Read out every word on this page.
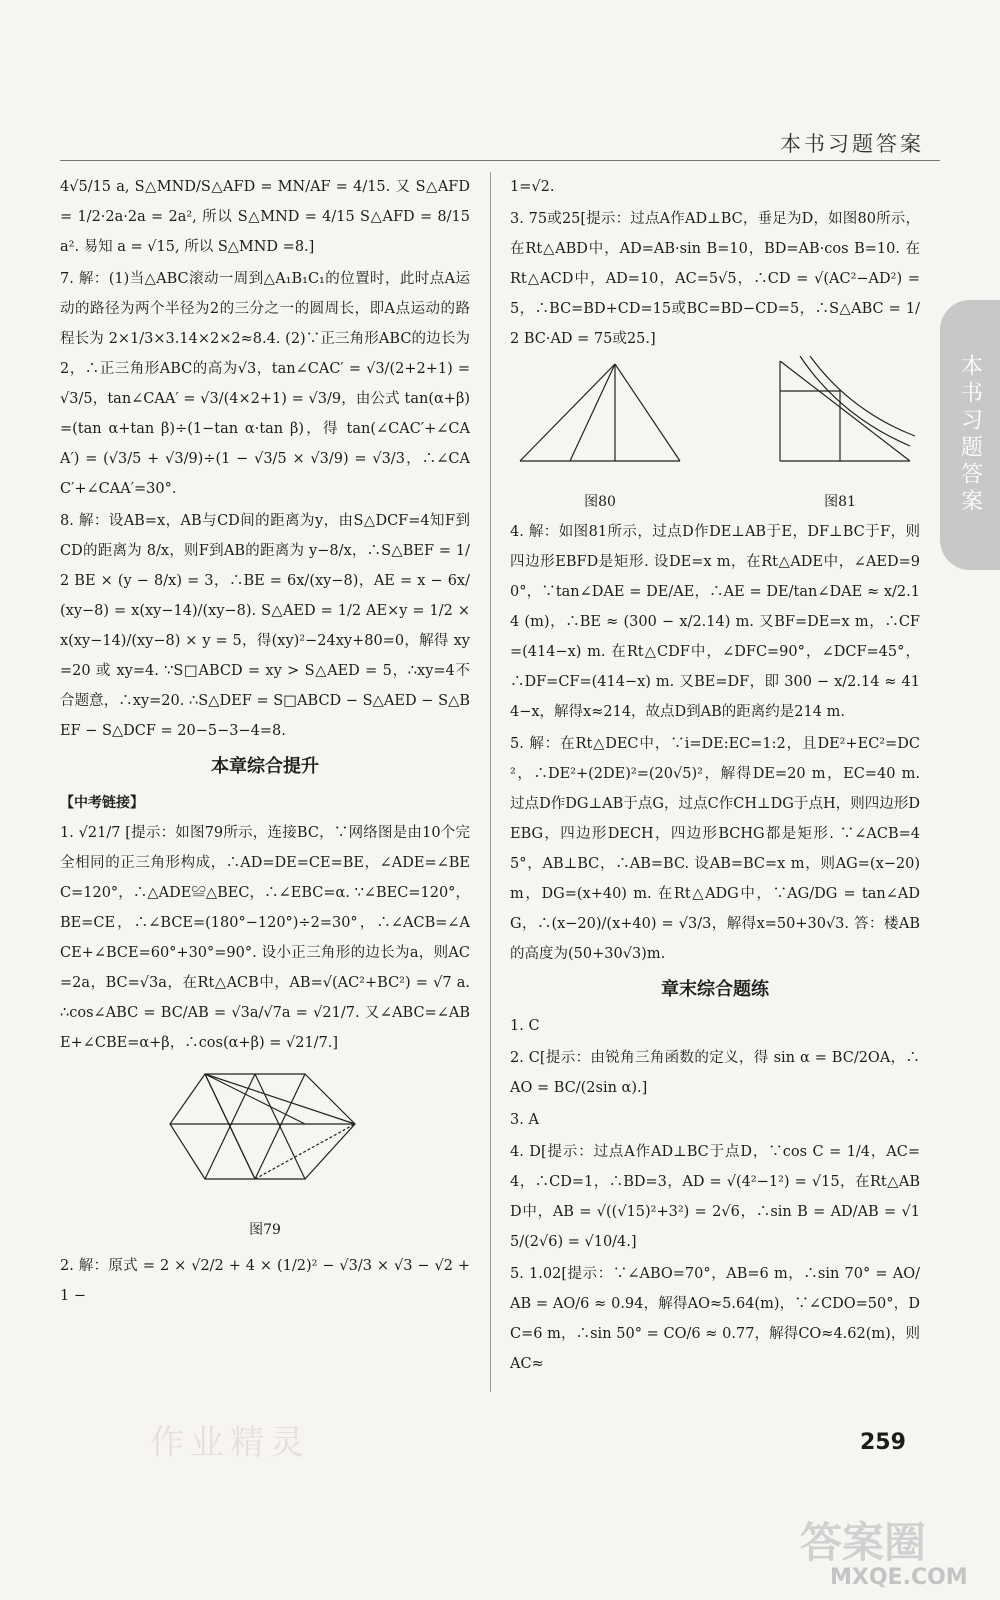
本书习题答案
本书习题答案

4√5/15 a, S△MND/S△AFD = MN/AF = 4/15. 又 S△AFD = 1/2·2a·2a = 2a², 所以 S△MND = 4/15 S△AFD = 8/15 a². 易知 a = √15, 所以 S△MND =8.]

7. 解：(1)当△ABC滚动一周到△A₁B₁C₁的位置时，此时点A运动的路径为两个半径为2的三分之一的圆周长，即A点运动的路程长为 2×1/3×3.14×2×2≈8.4. (2)∵正三角形ABC的边长为2，∴正三角形ABC的高为√3，tan∠CAC′ = √3/(2+2+1) = √3/5，tan∠CAA′ = √3/(4×2+1) = √3/9，由公式 tan(α+β)=(tan α+tan β)÷(1−tan α·tan β)，得 tan(∠CAC′+∠CAA′) = (√3/5 + √3/9)÷(1 − √3/5 × √3/9) = √3/3，∴∠CAC′+∠CAA′=30°.

8. 解：设AB=x，AB与CD间的距离为y，由S△DCF=4知F到CD的距离为 8/x，则F到AB的距离为 y−8/x，∴S△BEF = 1/2 BE × (y − 8/x) = 3，∴BE = 6x/(xy−8)，AE = x − 6x/(xy−8) = x(xy−14)/(xy−8). S△AED = 1/2 AE×y = 1/2 × x(xy−14)/(xy−8) × y = 5，得(xy)²−24xy+80=0，解得 xy=20 或 xy=4. ∵S□ABCD = xy > S△AED = 5，∴xy=4不合题意，∴xy=20. ∴S△DEF = S□ABCD − S△AED − S△BEF − S△DCF = 20−5−3−4=8.

本章综合提升
【中考链接】

1. √21/7 [提示：如图79所示，连接BC，∵网络图是由10个完全相同的正三角形构成，∴AD=DE=CE=BE，∠ADE=∠BEC=120°，∴△ADE≌△BEC，∴∠EBC=α. ∵∠BEC=120°，BE=CE，∴∠BCE=(180°−120°)÷2=30°，∴∠ACB=∠ACE+∠BCE=60°+30°=90°. 设小正三角形的边长为a，则AC=2a，BC=√3a，在Rt△ACB中，AB=√(AC²+BC²) = √7 a. ∴cos∠ABC = BC/AB = √3a/√7a = √21/7. 又∠ABC=∠ABE+∠CBE=α+β，∴cos(α+β) = √21/7.]

图79

2. 解：原式 = 2 × √2/2 + 4 × (1/2)² − √3/3 × √3 − √2 + 1 −

1=√2.

3. 75或25[提示：过点A作AD⊥BC，垂足为D，如图80所示，在Rt△ABD中，AD=AB·sin B=10，BD=AB·cos B=10. 在Rt△ACD中，AD=10，AC=5√5，∴CD = √(AC²−AD²) = 5，∴BC=BD+CD=15或BC=BD−CD=5，∴S△ABC = 1/2 BC·AD = 75或25.]

图80	图81

4. 解：如图81所示，过点D作DE⊥AB于E，DF⊥BC于F，则四边形EBFD是矩形. 设DE=x m，在Rt△ADE中，∠AED=90°，∵tan∠DAE = DE/AE，∴AE = DE/tan∠DAE ≈ x/2.14 (m)，∴BE ≈ (300 − x/2.14) m. 又BF=DE=x m，∴CF=(414−x) m. 在Rt△CDF中，∠DFC=90°，∠DCF=45°，∴DF=CF=(414−x) m. 又BE=DF，即 300 − x/2.14 ≈ 414−x，解得x≈214，故点D到AB的距离约是214 m.

5. 解：在Rt△DEC中，∵i=DE:EC=1:2，且DE²+EC²=DC²，∴DE²+(2DE)²=(20√5)²，解得DE=20 m，EC=40 m. 过点D作DG⊥AB于点G，过点C作CH⊥DG于点H，则四边形DEBG，四边形DECH，四边形BCHG都是矩形. ∵∠ACB=45°，AB⊥BC，∴AB=BC. 设AB=BC=x m，则AG=(x−20) m，DG=(x+40) m. 在Rt△ADG中，∵AG/DG = tan∠ADG，∴(x−20)/(x+40) = √3/3，解得x=50+30√3. 答：楼AB的高度为(50+30√3)m.

章末综合题练

1. C

2. C[提示：由锐角三角函数的定义，得 sin α = BC/2OA，∴AO = BC/(2sin α).]

3. A

4. D[提示：过点A作AD⊥BC于点D，∵cos C = 1/4，AC=4，∴CD=1，∴BD=3，AD = √(4²−1²) = √15，在Rt△ABD中，AB = √((√15)²+3²) = 2√6，∴sin B = AD/AB = √15/(2√6) = √10/4.]

5. 1.02[提示：∵∠ABO=70°，AB=6 m，∴sin 70° = AO/AB = AO/6 ≈ 0.94，解得AO≈5.64(m)，∵∠CDO=50°，DC=6 m，∴sin 50° = CO/6 ≈ 0.77，解得CO≈4.62(m)，则AC≈

作业精灵	259
答案圈
MXQE.COM
